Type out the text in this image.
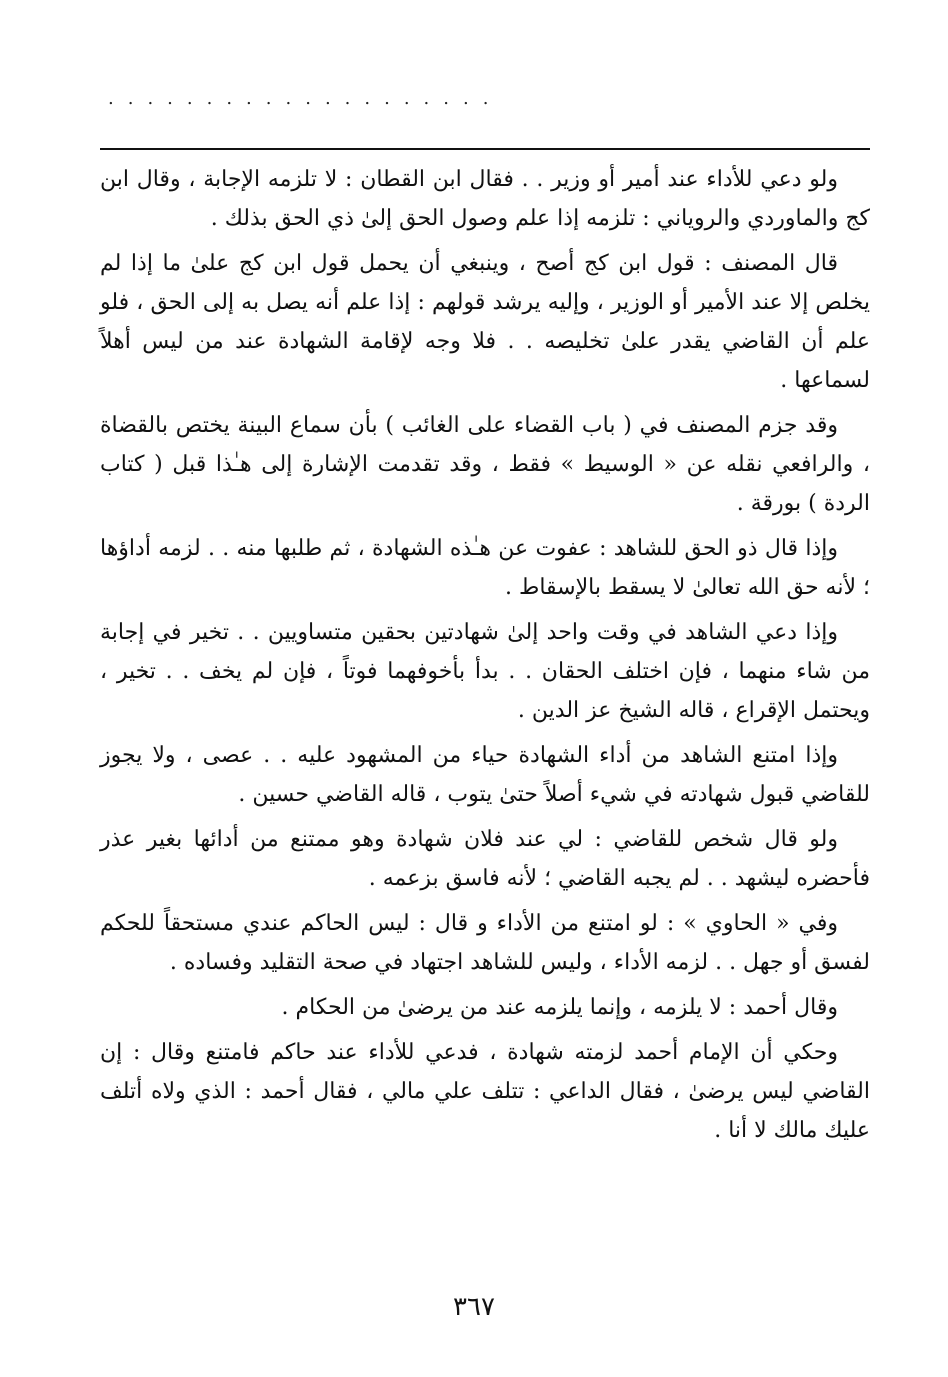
....................

ولو دعي للأداء عند أمير أو وزير . . فقال ابن القطان : لا تلزمه الإجابة ، وقال ابن كج والماوردي والروياني : تلزمه إذا علم وصول الحق إلىٰ ذي الحق بذلك .

قال المصنف : قول ابن كج أصح ، وينبغي أن يحمل قول ابن كج علىٰ ما إذا لم يخلص إلا عند الأمير أو الوزير ، وإليه يرشد قولهم : إذا علم أنه يصل به إلى الحق ، فلو علم أن القاضي يقدر علىٰ تخليصه . . فلا وجه لإقامة الشهادة عند من ليس أهلاً لسماعها .

وقد جزم المصنف في ( باب القضاء على الغائب ) بأن سماع البينة يختص بالقضاة ، والرافعي نقله عن « الوسيط » فقط ، وقد تقدمت الإشارة إلى هـٰذا قبل ( كتاب الردة ) بورقة .

وإذا قال ذو الحق للشاهد : عفوت عن هـٰذه الشهادة ، ثم طلبها منه . . لزمه أداؤها ؛ لأنه حق الله تعالىٰ لا يسقط بالإسقاط .

وإذا دعي الشاهد في وقت واحد إلىٰ شهادتين بحقين متساويين . . تخير في إجابة من شاء منهما ، فإن اختلف الحقان . . بدأ بأخوفهما فوتاً ، فإن لم يخف . . تخير ، ويحتمل الإقراع ، قاله الشيخ عز الدين .

وإذا امتنع الشاهد من أداء الشهادة حياء من المشهود عليه . . عصى ، ولا يجوز للقاضي قبول شهادته في شيء أصلاً حتىٰ يتوب ، قاله القاضي حسين .

ولو قال شخص للقاضي : لي عند فلان شهادة وهو ممتنع من أدائها بغير عذر فأحضره ليشهد . . لم يجبه القاضي ؛ لأنه فاسق بزعمه .

وفي « الحاوي » : لو امتنع من الأداء و قال : ليس الحاكم عندي مستحقاً للحكم لفسق أو جهل . . لزمه الأداء ، وليس للشاهد اجتهاد في صحة التقليد وفساده .

وقال أحمد : لا يلزمه ، وإنما يلزمه عند من يرضىٰ من الحكام .

وحكي أن الإمام أحمد لزمته شهادة ، فدعي للأداء عند حاكم فامتنع وقال : إن القاضي ليس يرضىٰ ، فقال الداعي : تتلف علي مالي ، فقال أحمد : الذي ولاه أتلف عليك مالك لا أنا .

٣٦٧
